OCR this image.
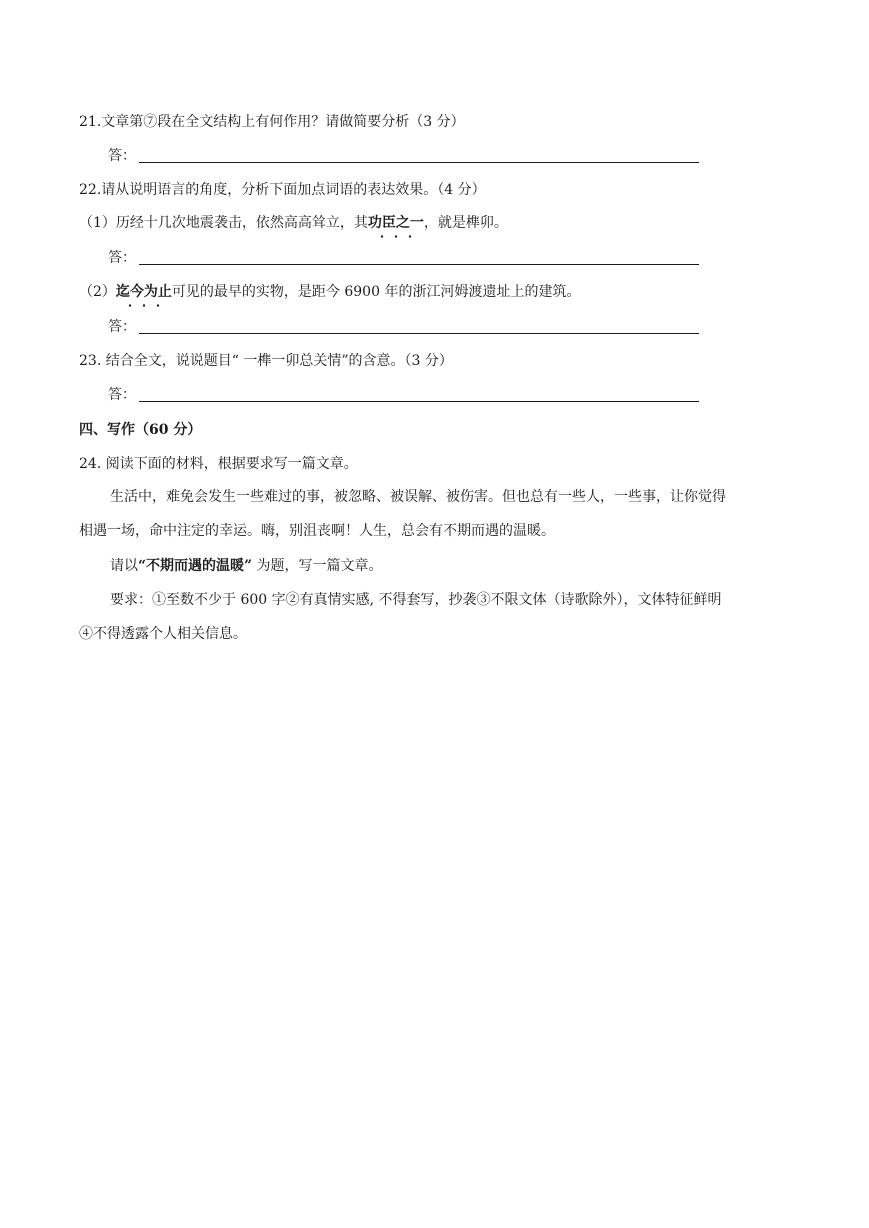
21.文章第⑦段在全文结构上有何作用？请做简要分析（3 分）
答：
22.请从说明语言的角度，分析下面加点词语的表达效果。（4 分）
（1）历经十几次地震袭击，依然高高耸立，其功臣之一，就是榫卯。
答：
（2）迄今为止可见的最早的实物，是距今 6900 年的浙江河姆渡遗址上的建筑。
答：
23. 结合全文，说说题目“ 一榫一卯总关情”的含意。（3 分）
答：
四、写作（60 分）
24. 阅读下面的材料，根据要求写一篇文章。
生活中，难免会发生一些难过的事，被忽略、被误解、被伤害。但也总有一些人，一些事，让你觉得
相遇一场，命中注定的幸运。嗨，别沮丧啊！人生，总会有不期而遇的温暖。
请以“不期而遇的温暖” 为题，写一篇文章。
要求：①至数不少于 600 字②有真情实感, 不得套写，抄袭③不限文体（诗歌除外），文体特征鲜明
④不得透露个人相关信息。
